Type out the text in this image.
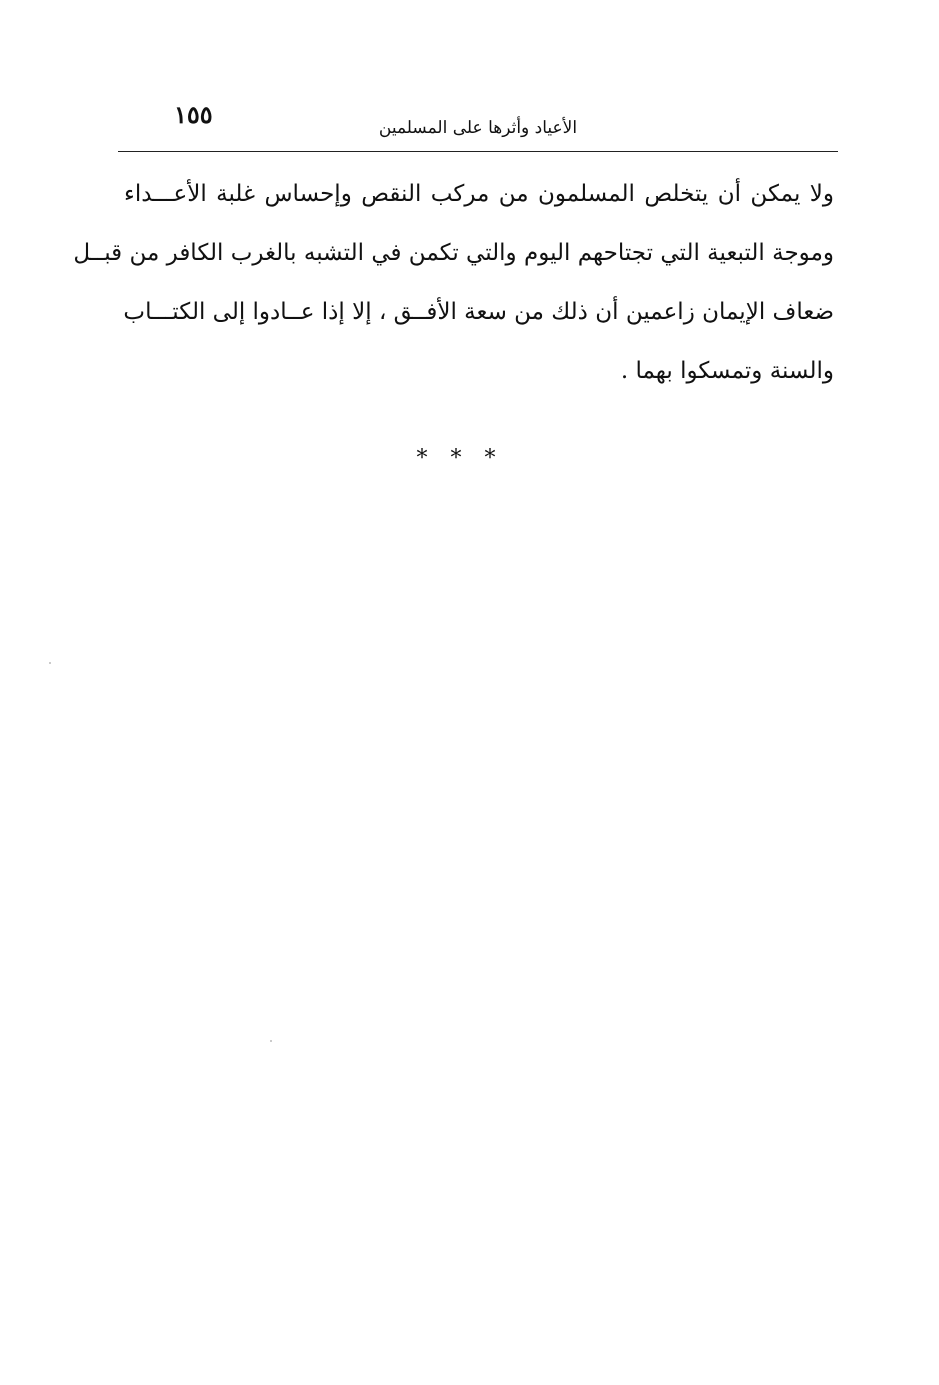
١٥٥	الأعياد وأثرها على المسلمين
ولا يمكن أن يتخلص المسلمون من مركب النقص وإحساس غلبة الأعـــداء
وموجة التبعية التي تجتاحهم اليوم والتي تكمن في التشبه بالغرب الكافر من قبــل
ضعاف الإيمان زاعمين أن ذلك من سعة الأفــق ، إلا إذا عــادوا إلى الكتـــاب
والسنة وتمسكوا بهما .
* * *
